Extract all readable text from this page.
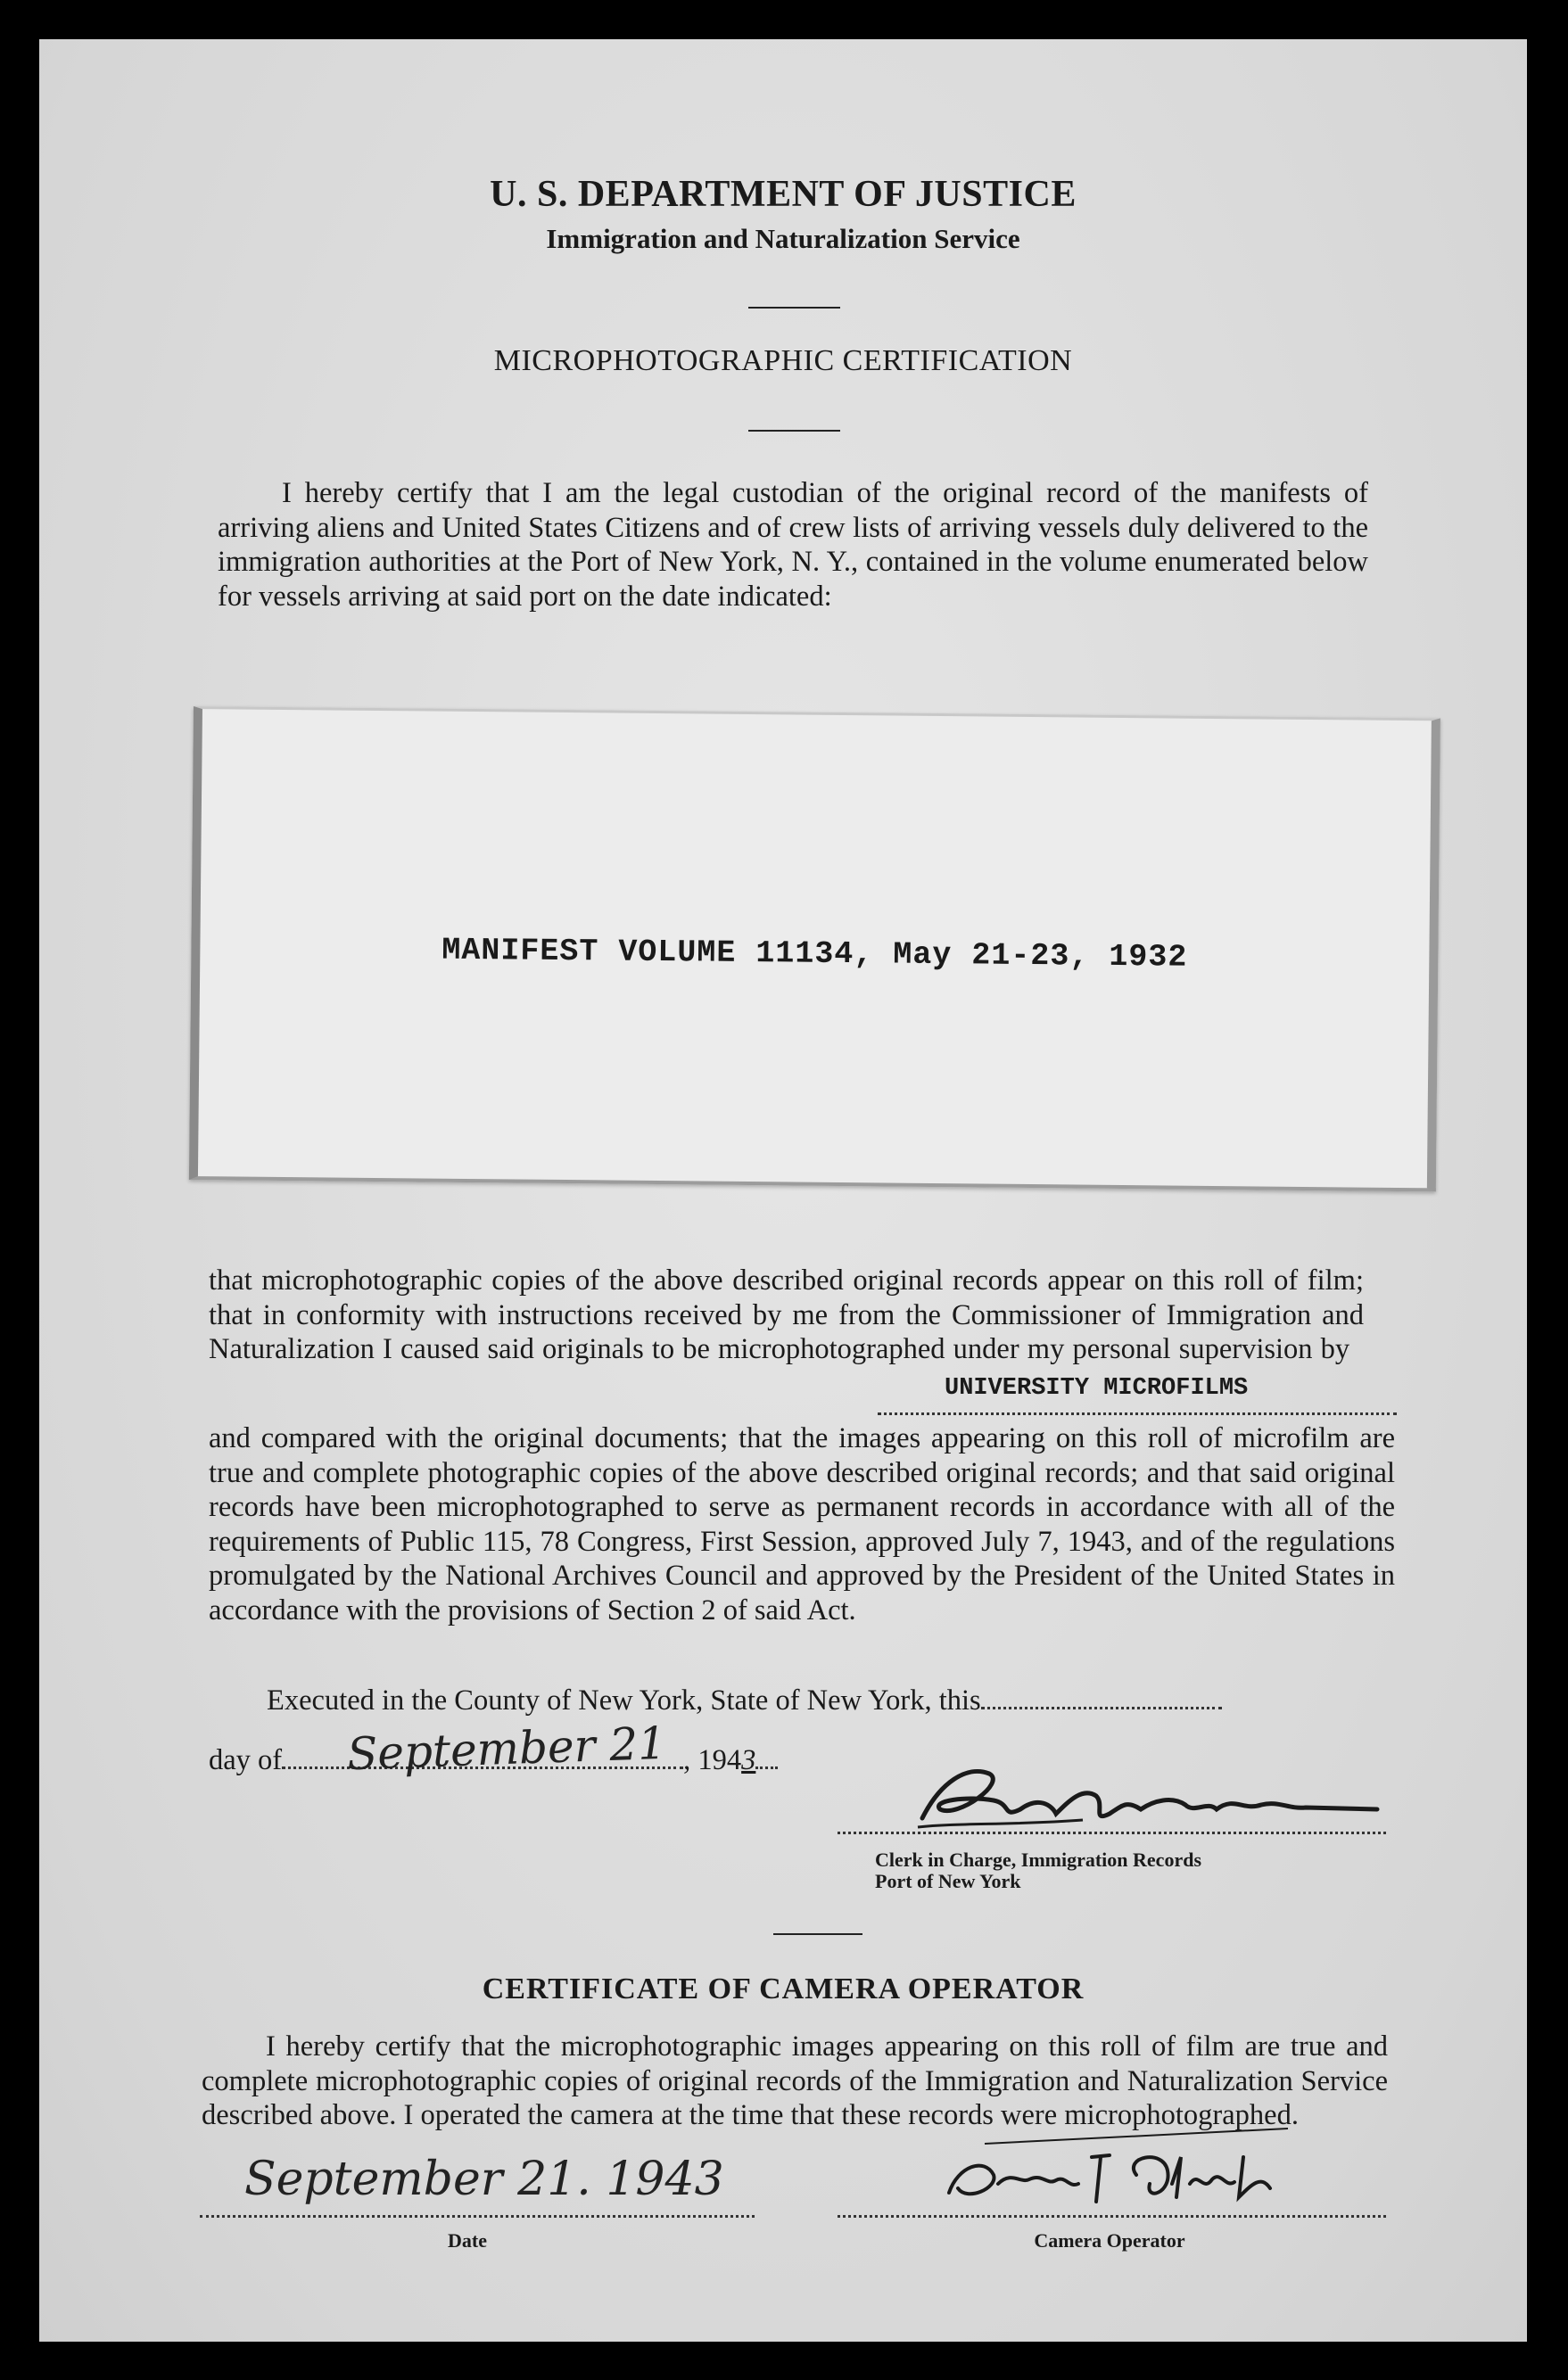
U. S. DEPARTMENT OF JUSTICE
Immigration and Naturalization Service
MICROPHOTOGRAPHIC CERTIFICATION

I hereby certify that I am the legal custodian of the original record of the manifests of arriving aliens and United States Citizens and of crew lists of arriving vessels duly delivered to the immigration authorities at the Port of New York, N. Y., contained in the volume enumerated below for vessels arriving at said port on the date indicated:

MANIFEST VOLUME 11134, May 21-23, 1932

that microphotographic copies of the above described original records appear on this roll of film; that in conformity with instructions received by me from the Commissioner of Immigration and Naturalization I caused said originals to be microphotographed under my personal supervision by

UNIVERSITY MICROFILMS

and compared with the original documents; that the images appearing on this roll of microfilm are true and complete photographic copies of the above described original records; and that said original records have been microphotographed to serve as permanent records in accordance with all of the requirements of Public 115, 78 Congress, First Session, approved July 7, 1943, and of the regulations promulgated by the National Archives Council and approved by the President of the United States in accordance with the provisions of Section 2 of said Act.

Executed in the County of New York, State of New York, this
day of	, 1943
September 21
Clerk in Charge, Immigration Records
Port of New York
CERTIFICATE OF CAMERA OPERATOR

I hereby certify that the microphotographic images appearing on this roll of film are true and complete microphotographic copies of original records of the Immigration and Naturalization Service described above. I operated the camera at the time that these records were microphotographed.

September 21. 1943
Date	Camera Operator
